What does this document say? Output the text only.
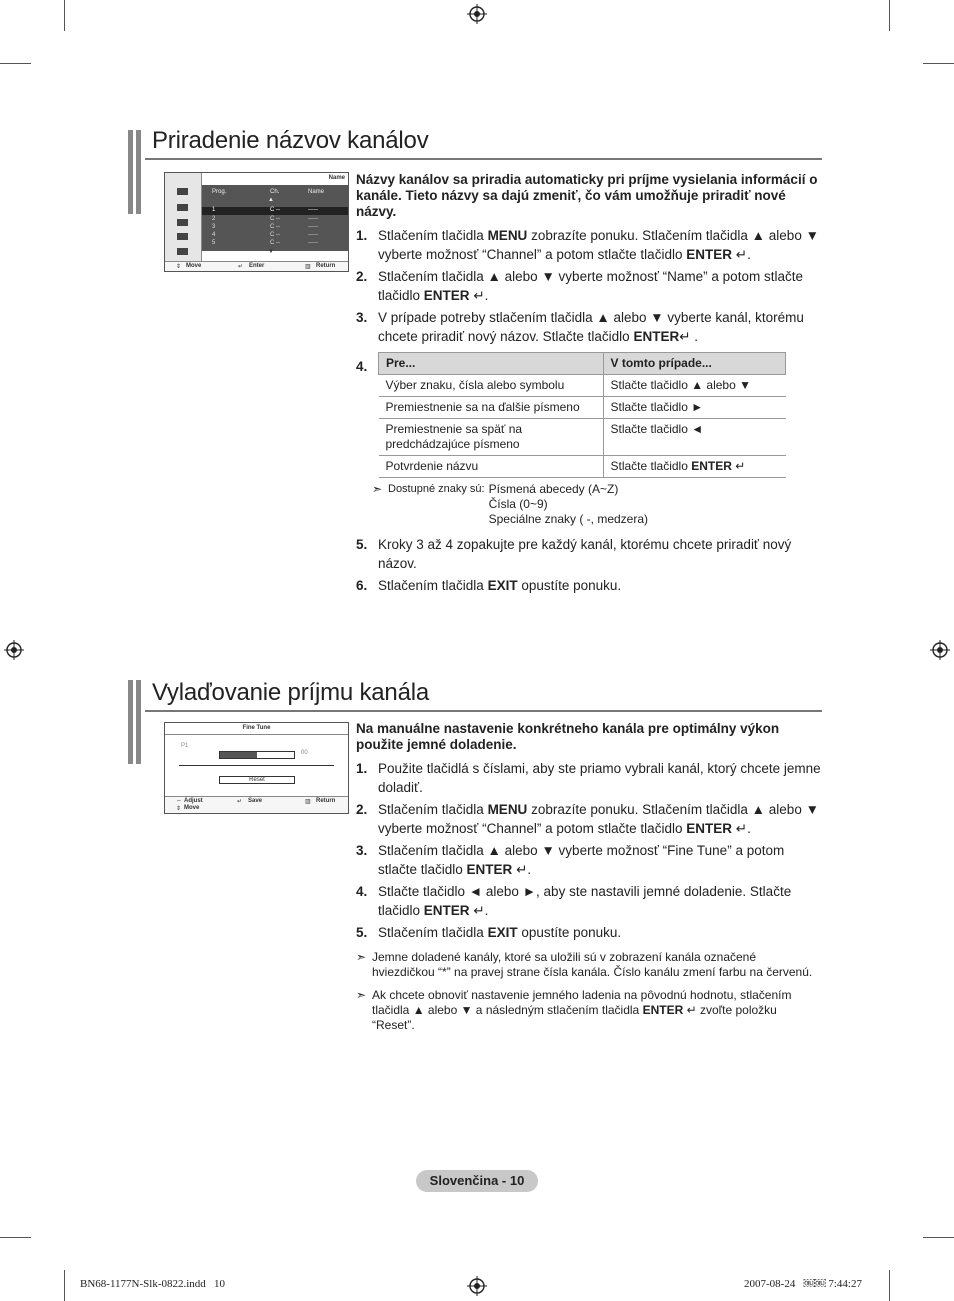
Priradenie názvov kanálov
Name
Prog.	Ch.	Name
▲
1	C --	-----
2	C --	-----
3	C --	-----
4	C --	-----
5	C --	-----
▼
⇕ Move	↵ Enter	▥ Return
Názvy kanálov sa priradia automaticky pri príjme vysielania informácií o kanále. Tieto názvy sa dajú zmeniť, čo vám umožňuje priradiť nové názvy.
1. Stlačením tlačidla MENU zobrazíte ponuku. Stlačením tlačidla ▲ alebo ▼ vyberte možnosť “Channel” a potom stlačte tlačidlo ENTER ↵.
2. Stlačením tlačidla ▲ alebo ▼ vyberte možnosť “Name” a potom stlačte tlačidlo ENTER ↵.
3. V prípade potreby stlačením tlačidla ▲ alebo ▼ vyberte kanál, ktorému chcete priradiť nový názov. Stlačte tlačidlo ENTER↵ .
4. Pre...	V tomto prípade...
Výber znaku, čísla alebo symbolu	Stlačte tlačidlo ▲ alebo ▼
Premiestnenie sa na ďalšie písmeno	Stlačte tlačidlo ►
Premiestnenie sa späť na predchádzajúce písmeno	Stlačte tlačidlo ◄
Potvrdenie názvu	Stlačte tlačidlo ENTER ↵
➣ Dostupné znaky sú: Písmená abecedy (A~Z)
Čísla (0~9)
Speciálne znaky ( -, medzera)
5. Kroky 3 až 4 zopakujte pre každý kanál, ktorému chcete priradiť nový názov.
6. Stlačením tlačidla EXIT opustíte ponuku.
Vylaďovanie príjmu kanála
Fine Tune
P1
00
Reset
⇔ Adjust
⇕ Move
↵ Save	▥ Return
Na manuálne nastavenie konkrétneho kanála pre optimálny výkon použite jemné doladenie.
1. Použite tlačidlá s číslami, aby ste priamo vybrali kanál, ktorý chcete jemne doladiť.
2. Stlačením tlačidla MENU zobrazíte ponuku. Stlačením tlačidla ▲ alebo ▼ vyberte možnosť “Channel” a potom stlačte tlačidlo ENTER ↵.
3. Stlačením tlačidla ▲ alebo ▼ vyberte možnosť “Fine Tune” a potom stlačte tlačidlo ENTER ↵.
4. Stlačte tlačidlo ◄ alebo ►, aby ste nastavili jemné doladenie. Stlačte tlačidlo ENTER ↵.
5. Stlačením tlačidla EXIT opustíte ponuku.
➣ Jemne doladené kanály, ktoré sa uložili sú v zobrazení kanála označené hviezdičkou “*” na pravej strane čísla kanála. Číslo kanálu zmení farbu na červenú.
➣ Ak chcete obnoviť nastavenie jemného ladenia na pôvodnú hodnotu, stlačením tlačidla ▲ alebo ▼ a následným stlačením tlačidla ENTER ↵ zvoľte položku “Reset”.
Slovenčina - 10
BN68-1177N-Slk-0822.indd   10	2007-08-24   ￼￼ 7:44:27
